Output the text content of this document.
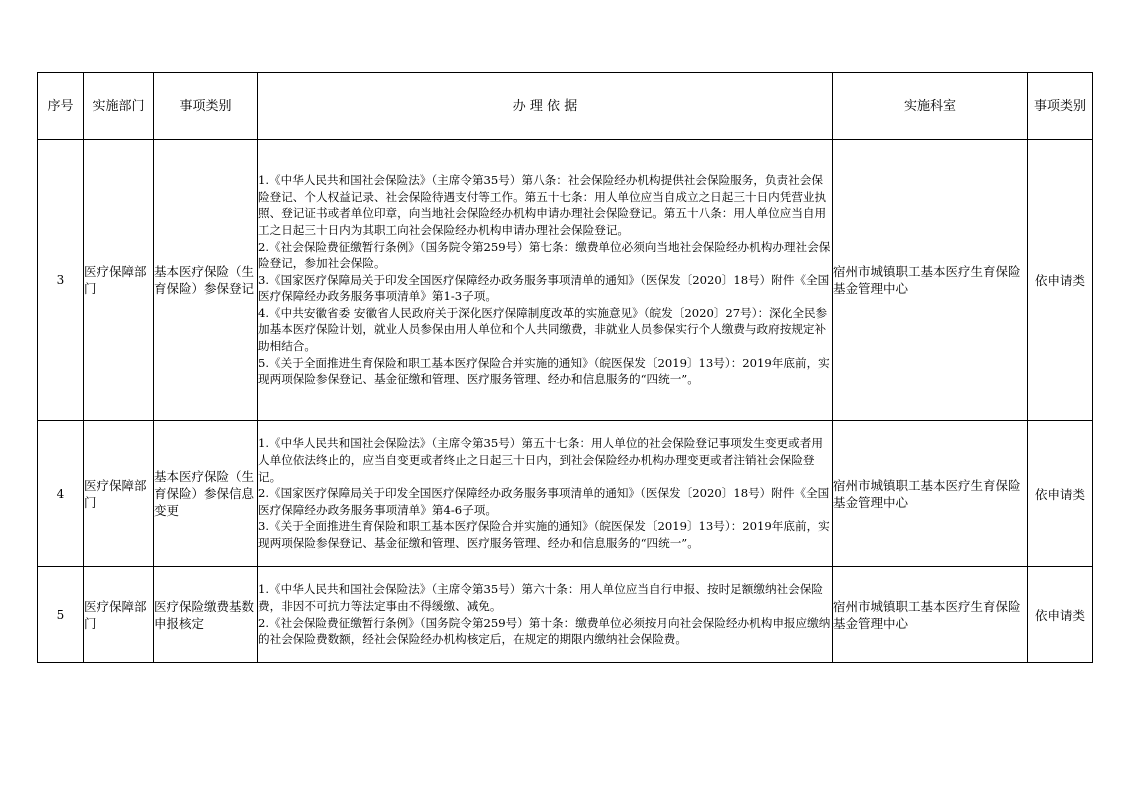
序号	实施部门	事项类别	办 理 依 据	实施科室	事项类别
3	医疗保障部门	基本医疗保险（生育保险）参保登记	1.《中华人民共和国社会保险法》（主席令第35号）第八条：社会保险经办机构提供社会保险服务，负责社会保险登记、个人权益记录、社会保险待遇支付等工作。第五十七条：用人单位应当自成立之日起三十日内凭营业执照、登记证书或者单位印章，向当地社会保险经办机构申请办理社会保险登记。第五十八条：用人单位应当自用工之日起三十日内为其职工向社会保险经办机构申请办理社会保险登记。
2.《社会保险费征缴暂行条例》（国务院令第259号）第七条：缴费单位必须向当地社会保险经办机构办理社会保险登记，参加社会保险。
3.《国家医疗保障局关于印发全国医疗保障经办政务服务事项清单的通知》（医保发〔2020〕18号）附件《全国医疗保障经办政务服务事项清单》第1-3子项。
4.《中共安徽省委 安徽省人民政府关于深化医疗保障制度改革的实施意见》（皖发〔2020〕27号）：深化全民参加基本医疗保险计划，就业人员参保由用人单位和个人共同缴费，非就业人员参保实行个人缴费与政府按规定补助相结合。
5.《关于全面推进生育保险和职工基本医疗保险合并实施的通知》（皖医保发〔2019〕13号）：2019年底前，实现两项保险参保登记、基金征缴和管理、医疗服务管理、经办和信息服务的“四统一”。	宿州市城镇职工基本医疗生育保险基金管理中心	依申请类
4	医疗保障部门	基本医疗保险（生育保险）参保信息变更	1.《中华人民共和国社会保险法》（主席令第35号）第五十七条：用人单位的社会保险登记事项发生变更或者用人单位依法终止的，应当自变更或者终止之日起三十日内，到社会保险经办机构办理变更或者注销社会保险登记。
2.《国家医疗保障局关于印发全国医疗保障经办政务服务事项清单的通知》（医保发〔2020〕18号）附件《全国医疗保障经办政务服务事项清单》第4-6子项。
3.《关于全面推进生育保险和职工基本医疗保险合并实施的通知》（皖医保发〔2019〕13号）：2019年底前，实现两项保险参保登记、基金征缴和管理、医疗服务管理、经办和信息服务的“四统一”。	宿州市城镇职工基本医疗生育保险基金管理中心	依申请类
5	医疗保障部门	医疗保险缴费基数申报核定	1.《中华人民共和国社会保险法》（主席令第35号）第六十条：用人单位应当自行申报、按时足额缴纳社会保险费，非因不可抗力等法定事由不得缓缴、减免。
2.《社会保险费征缴暂行条例》（国务院令第259号）第十条：缴费单位必须按月向社会保险经办机构申报应缴纳的社会保险费数额，经社会保险经办机构核定后，在规定的期限内缴纳社会保险费。	宿州市城镇职工基本医疗生育保险基金管理中心	依申请类
